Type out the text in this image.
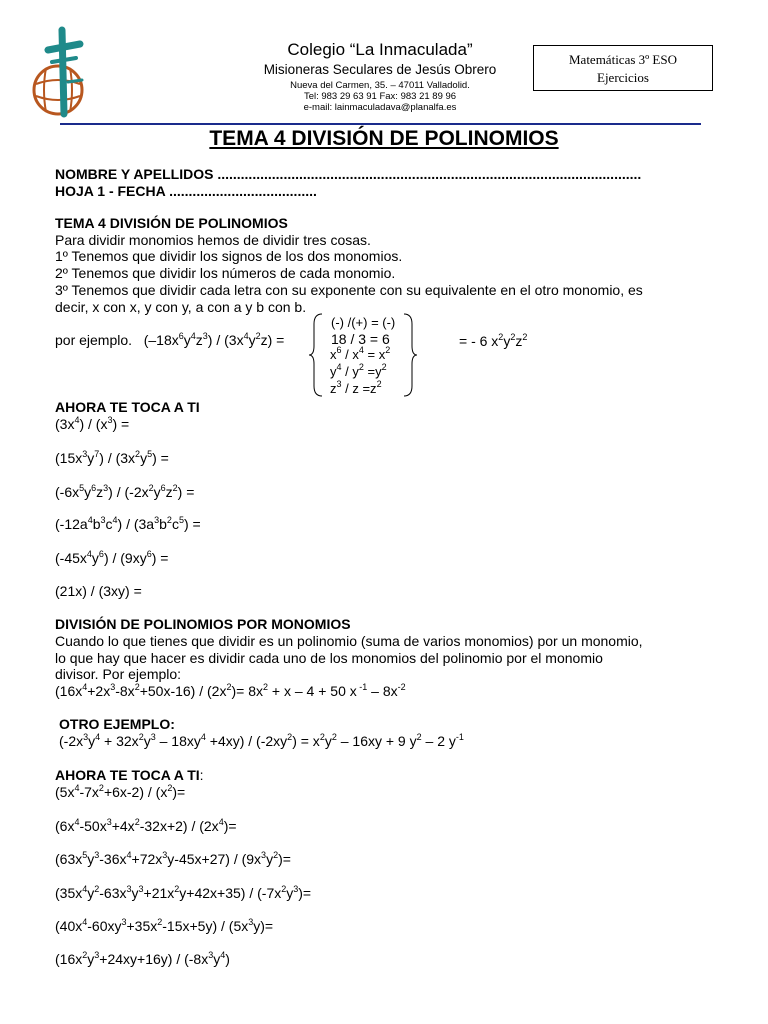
Colegio “La Inmaculada”
Misioneras Seculares de Jesús Obrero
Nueva del Carmen, 35. – 47011 Valladolid.
Tel: 983 29 63 91 Fax: 983 21 89 96
e-mail: lainmaculadava@planalfa.es
Matemáticas 3º ESO
Ejercicios
TEMA 4 DIVISIÓN DE POLINOMIOS
NOMBRE Y APELLIDOS .............................................................................................................
HOJA 1 - FECHA ......................................
TEMA 4 DIVISIÓN DE POLINOMIOS
Para dividir monomios hemos de dividir tres cosas.
1º Tenemos que dividir los signos de los dos monomios.
2º Tenemos que dividir los números de cada monomio.
3º Tenemos que dividir cada letra con su exponente con su equivalente en el otro monomio, es
decir, x con x, y con y, a con a y b con b.
por ejemplo.   $(-18x^6y^4z^3) / (3x^4y^2z)$ =
(-) /(+) = (-)
18 / 3 = 6
$x^6 / x^4 = x^2$
$y^4 / y^2 =y^2$
$z^3 / z =z^2$
= - 6 $x^2y^2z^2$
AHORA TE TOCA A TI
$(3x^4) / (x^3)$ =
$(15x^3y^7) / (3x^2y^5)$ =
$(-6x^5y^6z^3) / (-2x^2y^6z^2)$ =
$(-12a^4b^3c^4) / (3a^3b^2c^5)$ =
$(-45x^4y^6) / (9xy^6)$ =
(21x) / (3xy) =
DIVISIÓN DE POLINOMIOS POR MONOMIOS
Cuando lo que tienes que dividir es un polinomio (suma de varios monomios) por un monomio,
lo que hay que hacer es dividir cada uno de los monomios del polinomio por el monomio
divisor. Por ejemplo:
$(16x^4+2x^3-8x^2+50x-16) / (2x^2)= 8x^2 + x - 4 + 50$ x $^{-1} - 8x^{-2}$
OTRO EJEMPLO:
$(-2x^3y^4 + 32x^2y^3 - 18xy^4 +4xy) / (-2xy^2) = x^2y^2 - 16xy + 9$ $y^2 - 2$ $y^{-1}$
AHORA TE TOCA A TI:
$(5x^4-7x^2+6x-2) / (x^2)=$
$(6x^4-50x^3+4x^2-32x+2) / (2x^4)=$
$(63x^5y^3-36x^4+72x^3y-45x+27) / (9x^3y^2)=$
$(35x^4y^2-63x^3y^3+21x^2y+42x+35) / (-7x^2y^3)=$
$(40x^4-60xy^3+35x^2-15x+5y) / (5x^3y)=$
$(16x^2y^3+24xy+16y) / (-8x^3y^4)$
